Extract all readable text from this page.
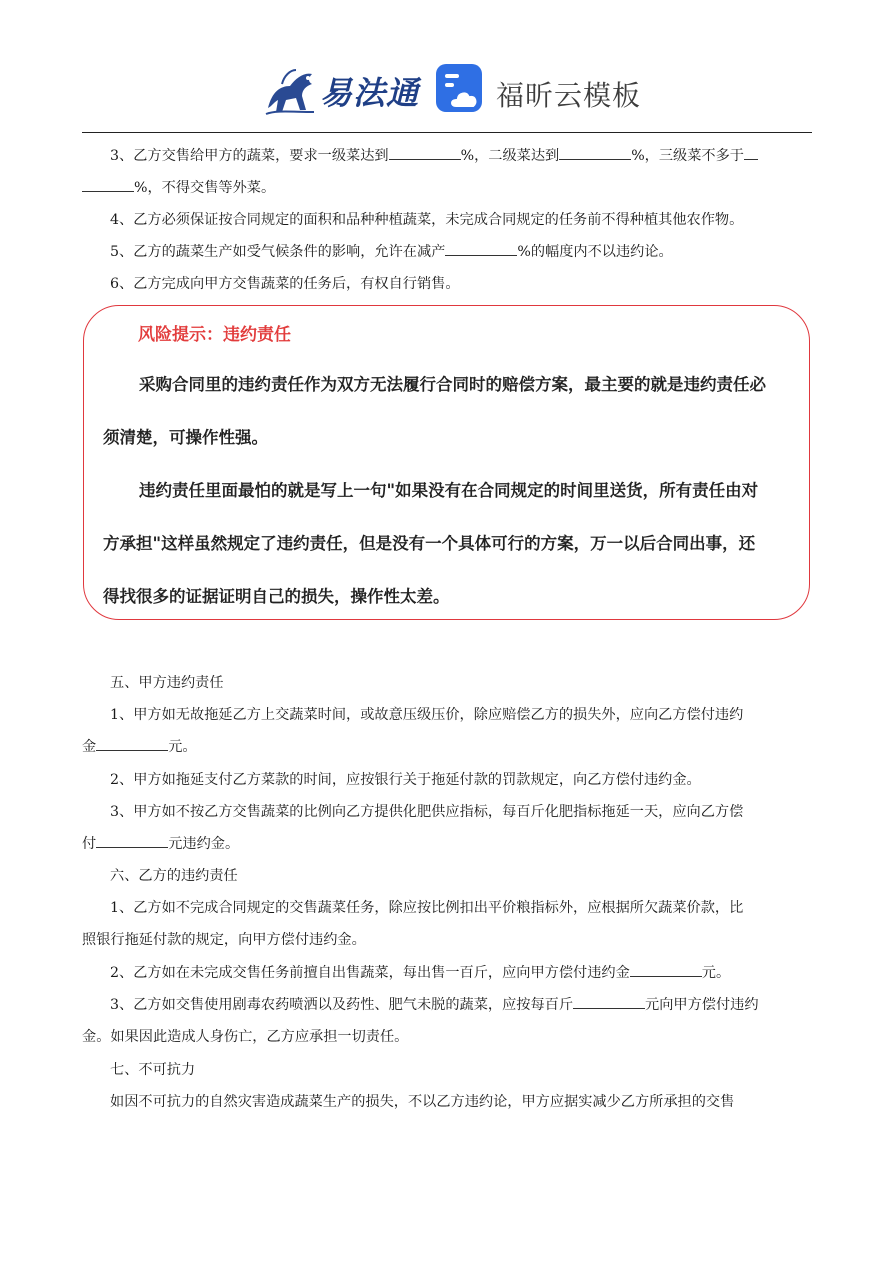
易法通	福昕云模板

3、乙方交售给甲方的蔬菜，要求一级菜达到	%，二级菜达到	%，三级菜不多于
%，不得交售等外菜。

4、乙方必须保证按合同规定的面积和品种种植蔬菜，未完成合同规定的任务前不得种植其他农作物。

5、乙方的蔬菜生产如受气候条件的影响，允许在减产	%的幅度内不以违约论。

6、乙方完成向甲方交售蔬菜的任务后，有权自行销售。

风险提示：违约责任

采购合同里的违约责任作为双方无法履行合同时的赔偿方案，最主要的就是违约责任必
须清楚，可操作性强。

违约责任里面最怕的就是写上一句"如果没有在合同规定的时间里送货，所有责任由对
方承担"这样虽然规定了违约责任，但是没有一个具体可行的方案，万一以后合同出事，还
得找很多的证据证明自己的损失，操作性太差。

五、甲方违约责任

1、甲方如无故拖延乙方上交蔬菜时间，或故意压级压价，除应赔偿乙方的损失外，应向乙方偿付违约
金	元。

2、甲方如拖延支付乙方菜款的时间，应按银行关于拖延付款的罚款规定，向乙方偿付违约金。

3、甲方如不按乙方交售蔬菜的比例向乙方提供化肥供应指标，每百斤化肥指标拖延一天，应向乙方偿
付	元违约金。

六、乙方的违约责任

1、乙方如不完成合同规定的交售蔬菜任务，除应按比例扣出平价粮指标外，应根据所欠蔬菜价款，比
照银行拖延付款的规定，向甲方偿付违约金。

2、乙方如在未完成交售任务前擅自出售蔬菜，每出售一百斤，应向甲方偿付违约金	元。

3、乙方如交售使用剧毒农药喷洒以及药性、肥气未脱的蔬菜，应按每百斤	元向甲方偿付违约
金。如果因此造成人身伤亡，乙方应承担一切责任。

七、不可抗力

如因不可抗力的自然灾害造成蔬菜生产的损失，不以乙方违约论，甲方应据实减少乙方所承担的交售
